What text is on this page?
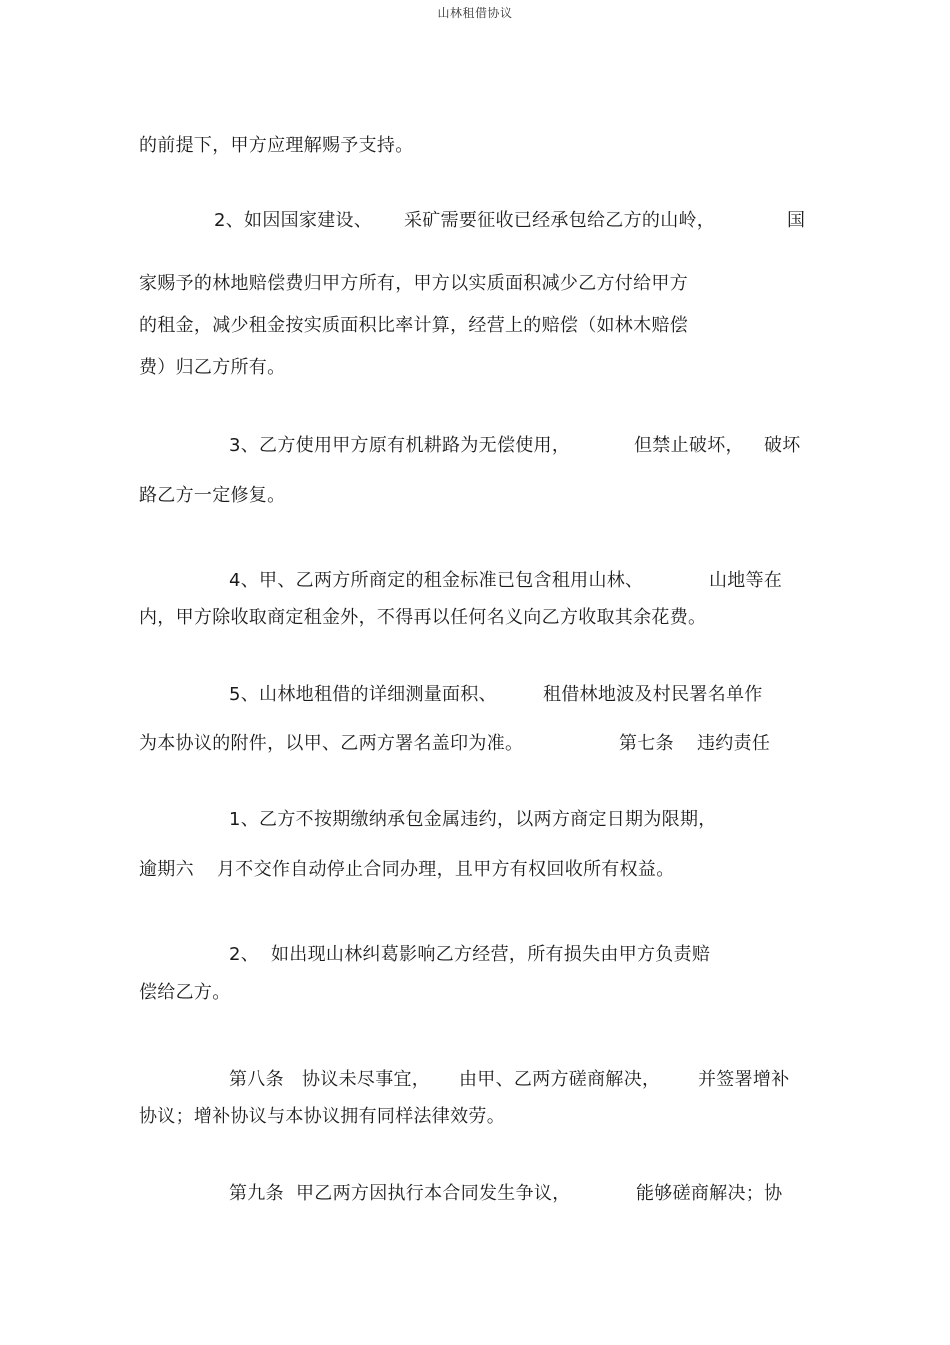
山林租借协议
的前提下，甲方应理解赐予支持。
2、如因国家建设、 采矿需要征收已经承包给乙方的山岭，	国
家赐予的林地赔偿费归甲方所有，甲方以实质面积减少乙方付给甲方
的租金，减少租金按实质面积比率计算，经营上的赔偿（如林木赔偿
费）归乙方所有。
3、乙方使用甲方原有机耕路为无偿使用，	但禁止破坏， 破坏
路乙方一定修复。
4、甲、乙两方所商定的租金标准已包含租用山林、	山地等在
内，甲方除收取商定租金外，不得再以任何名义向乙方收取其余花费。
5、山林地租借的详细测量面积、	租借林地波及村民署名单作
为本协议的附件，以甲、乙两方署名盖印为准。	第七条 违约责任
1、乙方不按期缴纳承包金属违约，以两方商定日期为限期，
逾期六 月不交作自动停止合同办理，且甲方有权回收所有权益。
2、 如出现山林纠葛影响乙方经营，所有损失由甲方负责赔
偿给乙方。
第八条 协议未尽事宜， 由甲、乙两方磋商解决， 并签署增补
协议；增补协议与本协议拥有同样法律效劳。
第九条 甲乙两方因执行本合同发生争议，	能够磋商解决；协
